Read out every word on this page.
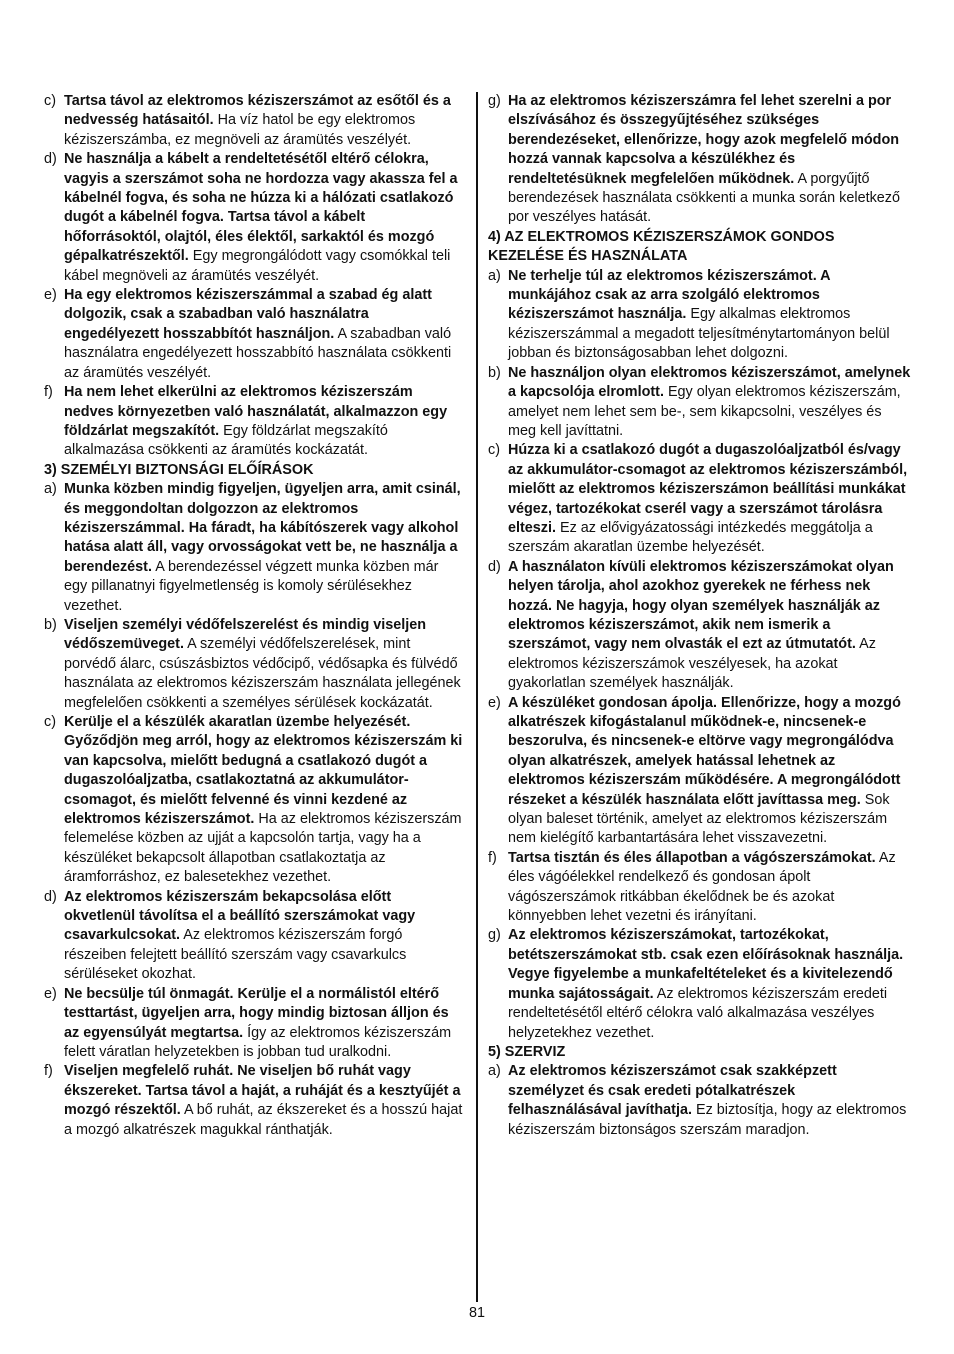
c) Tartsa távol az elektromos kéziszerszámot az esőtől és a nedvesség hatásaitól. Ha víz hatol be egy elektromos kéziszerszámba, ez megnöveli az áramütés veszélyét.

d) Ne használja a kábelt a rendeltetésétől eltérő célokra, vagyis a szerszámot soha ne hordozza vagy akassza fel a kábelnél fogva, és soha ne húzza ki a hálózati csatlakozó dugót a kábelnél fogva. Tartsa távol a kábelt hőforrásoktól, olajtól, éles élektől, sarkaktól és mozgó gépalkatrészektől. Egy megrongálódott vagy csomókkal teli kábel megnöveli az áramütés veszélyét.

e) Ha egy elektromos kéziszerszámmal a szabad ég alatt dolgozik, csak a szabadban való használatra engedélyezett hosszabbítót használjon. A szabadban való használatra engedélyezett hosszabbító használata csökkenti az áramütés veszélyét.

f) Ha nem lehet elkerülni az elektromos kéziszerszám nedves környezetben való használatát, alkalmazzon egy földzárlat megszakítót. Egy földzárlat megszakító alkalmazása csökkenti az áramütés kockázatát.

3) SZEMÉLYI BIZTONSÁGI ELŐÍRÁSOK

a) Munka közben mindig figyeljen, ügyeljen arra, amit csinál, és meggondoltan dolgozzon az elektromos kéziszerszámmal. Ha fáradt, ha kábítószerek vagy alkohol hatása alatt áll, vagy orvosságokat vett be, ne használja a berendezést. A berendezéssel végzett munka közben már egy pillanatnyi figyelmetlenség is komoly sérülésekhez vezethet.

b) Viseljen személyi védőfelszerelést és mindig viseljen védőszemüveget. A személyi védőfelszerelések, mint porvédő álarc, csúszásbiztos védőcipő, védősapka és fülvédő használata az elektromos kéziszerszám használata jellegének megfelelően csökkenti a személyes sérülések kockázatát.

c) Kerülje el a készülék akaratlan üzembe helyezését. Győződjön meg arról, hogy az elektromos kéziszerszám ki van kapcsolva, mielőtt bedugná a csatlakozó dugót a dugaszolóaljzatba, csatlakoztatná az akkumulátor-csomagot, és mielőtt felvenné és vinni kezdené az elektromos kéziszerszámot. Ha az elektromos kéziszerszám felemelése közben az ujját a kapcsolón tartja, vagy ha a készüléket bekapcsolt állapotban csatlakoztatja az áramforráshoz, ez balesetekhez vezethet.

d) Az elektromos kéziszerszám bekapcsolása előtt okvetlenül távolítsa el a beállító szerszámokat vagy csavarkulcsokat. Az elektromos kéziszerszám forgó részeiben felejtett beállító szerszám vagy csavarkulcs sérüléseket okozhat.

e) Ne becsülje túl önmagát. Kerülje el a normálistól eltérő testtartást, ügyeljen arra, hogy mindig biztosan álljon és az egyensúlyát megtartsa. Így az elektromos kéziszerszám felett váratlan helyzetekben is jobban tud uralkodni.

f) Viseljen megfelelő ruhát. Ne viseljen bő ruhát vagy ékszereket. Tartsa távol a haját, a ruháját és a kesztyűjét a mozgó részektől. A bő ruhát, az ékszereket és a hosszú hajat a mozgó alkatrészek magukkal ránthatják.

g) Ha az elektromos kéziszerszámra fel lehet szerelni a por elszívásához és összegyűjtéséhez szükséges berendezéseket, ellenőrizze, hogy azok megfelelő módon hozzá vannak kapcsolva a készülékhez és rendeltetésüknek megfelelően működnek. A porgyűjtő berendezések használata csökkenti a munka során keletkező por veszélyes hatását.

4) AZ ELEKTROMOS KÉZISZERSZÁMOK GONDOS KEZELÉSE ÉS HASZNÁLATA

a) Ne terhelje túl az elektromos kéziszerszámot. A munkájához csak az arra szolgáló elektromos kéziszerszámot használja. Egy alkalmas elektromos kéziszerszámmal a megadott teljesítménytartományon belül jobban és biztonságosabban lehet dolgozni.

b) Ne használjon olyan elektromos kéziszerszámot, amelynek a kapcsolója elromlott. Egy olyan elektromos kéziszerszám, amelyet nem lehet sem be-, sem kikapcsolni, veszélyes és meg kell javíttatni.

c) Húzza ki a csatlakozó dugót a dugaszolóaljzatból és/vagy az akkumulátor-csomagot az elektromos kéziszerszámból, mielőtt az elektromos kéziszerszámon beállítási munkákat végez, tartozékokat cserél vagy a szerszámot tárolásra elteszi. Ez az elővigyázatossági intézkedés meggátolja a szerszám akaratlan üzembe helyezését.

d) A használaton kívüli elektromos kéziszerszámokat olyan helyen tárolja, ahol azokhoz gyerekek ne férhess nek hozzá. Ne hagyja, hogy olyan személyek használják az elektromos kéziszerszámot, akik nem ismerik a szerszámot, vagy nem olvasták el ezt az útmutatót. Az elektromos kéziszerszámok veszélyesek, ha azokat gyakorlatlan személyek használják.

e) A készüléket gondosan ápolja. Ellenőrizze, hogy a mozgó alkatrészek kifogástalanul működnek-e, nincsenek-e beszorulva, és nincsenek-e eltörve vagy megrongálódva olyan alkatrészek, amelyek hatással lehetnek az elektromos kéziszerszám működésére. A megrongálódott részeket a készülék használata előtt javíttassa meg. Sok olyan baleset történik, amelyet az elektromos kéziszerszám nem kielégítő karbantartására lehet visszavezetni.

f) Tartsa tisztán és éles állapotban a vágószerszámokat. Az éles vágóélekkel rendelkező és gondosan ápolt vágószerszámok ritkábban ékelődnek be és azokat könnyebben lehet vezetni és irányítani.

g) Az elektromos kéziszerszámokat, tartozékokat, betétszerszámokat stb. csak ezen előírásoknak használja. Vegye figyelembe a munkafeltételeket és a kivitelezendő munka sajátosságait. Az elektromos kéziszerszám eredeti rendeltetésétől eltérő célokra való alkalmazása veszélyes helyzetekhez vezethet.

5) SZERVIZ

a) Az elektromos kéziszerszámot csak szakképzett személyzet és csak eredeti pótalkatrészek felhasználásával javíthatja. Ez biztosítja, hogy az elektromos kéziszerszám biztonságos szerszám maradjon.

81
